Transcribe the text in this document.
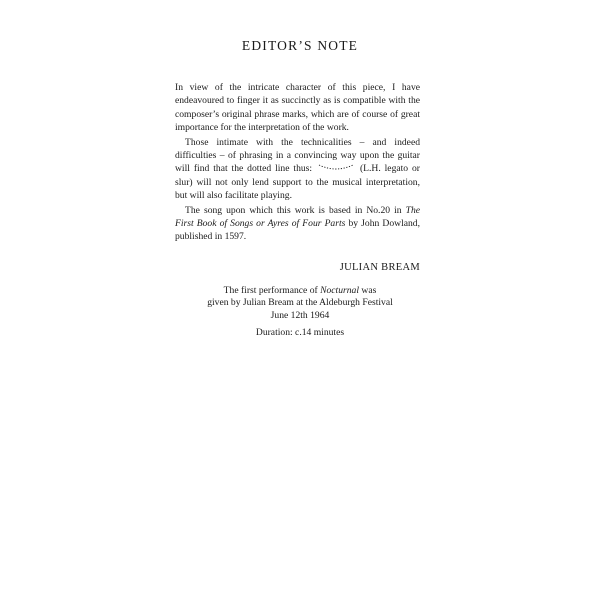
EDITOR’S NOTE

In view of the intricate character of this piece, I have endeavoured to finger it as succinctly as is compatible with the composer’s original phrase marks, which are of course of great importance for the interpretation of the work.

Those intimate with the technicalities – and indeed difficulties – of phrasing in a convincing way upon the guitar will find that the dotted line thus:	(L.H. legato or slur) will not only lend support to the musical interpretation, but will also facilitate playing.

The song upon which this work is based in No.20 in The First Book of Songs or Ayres of Four Parts by John Dowland, published in 1597.

JULIAN BREAM
The first performance of Nocturnal was
given by Julian Bream at the Aldeburgh Festival
June 12th 1964
Duration: c.14 minutes
